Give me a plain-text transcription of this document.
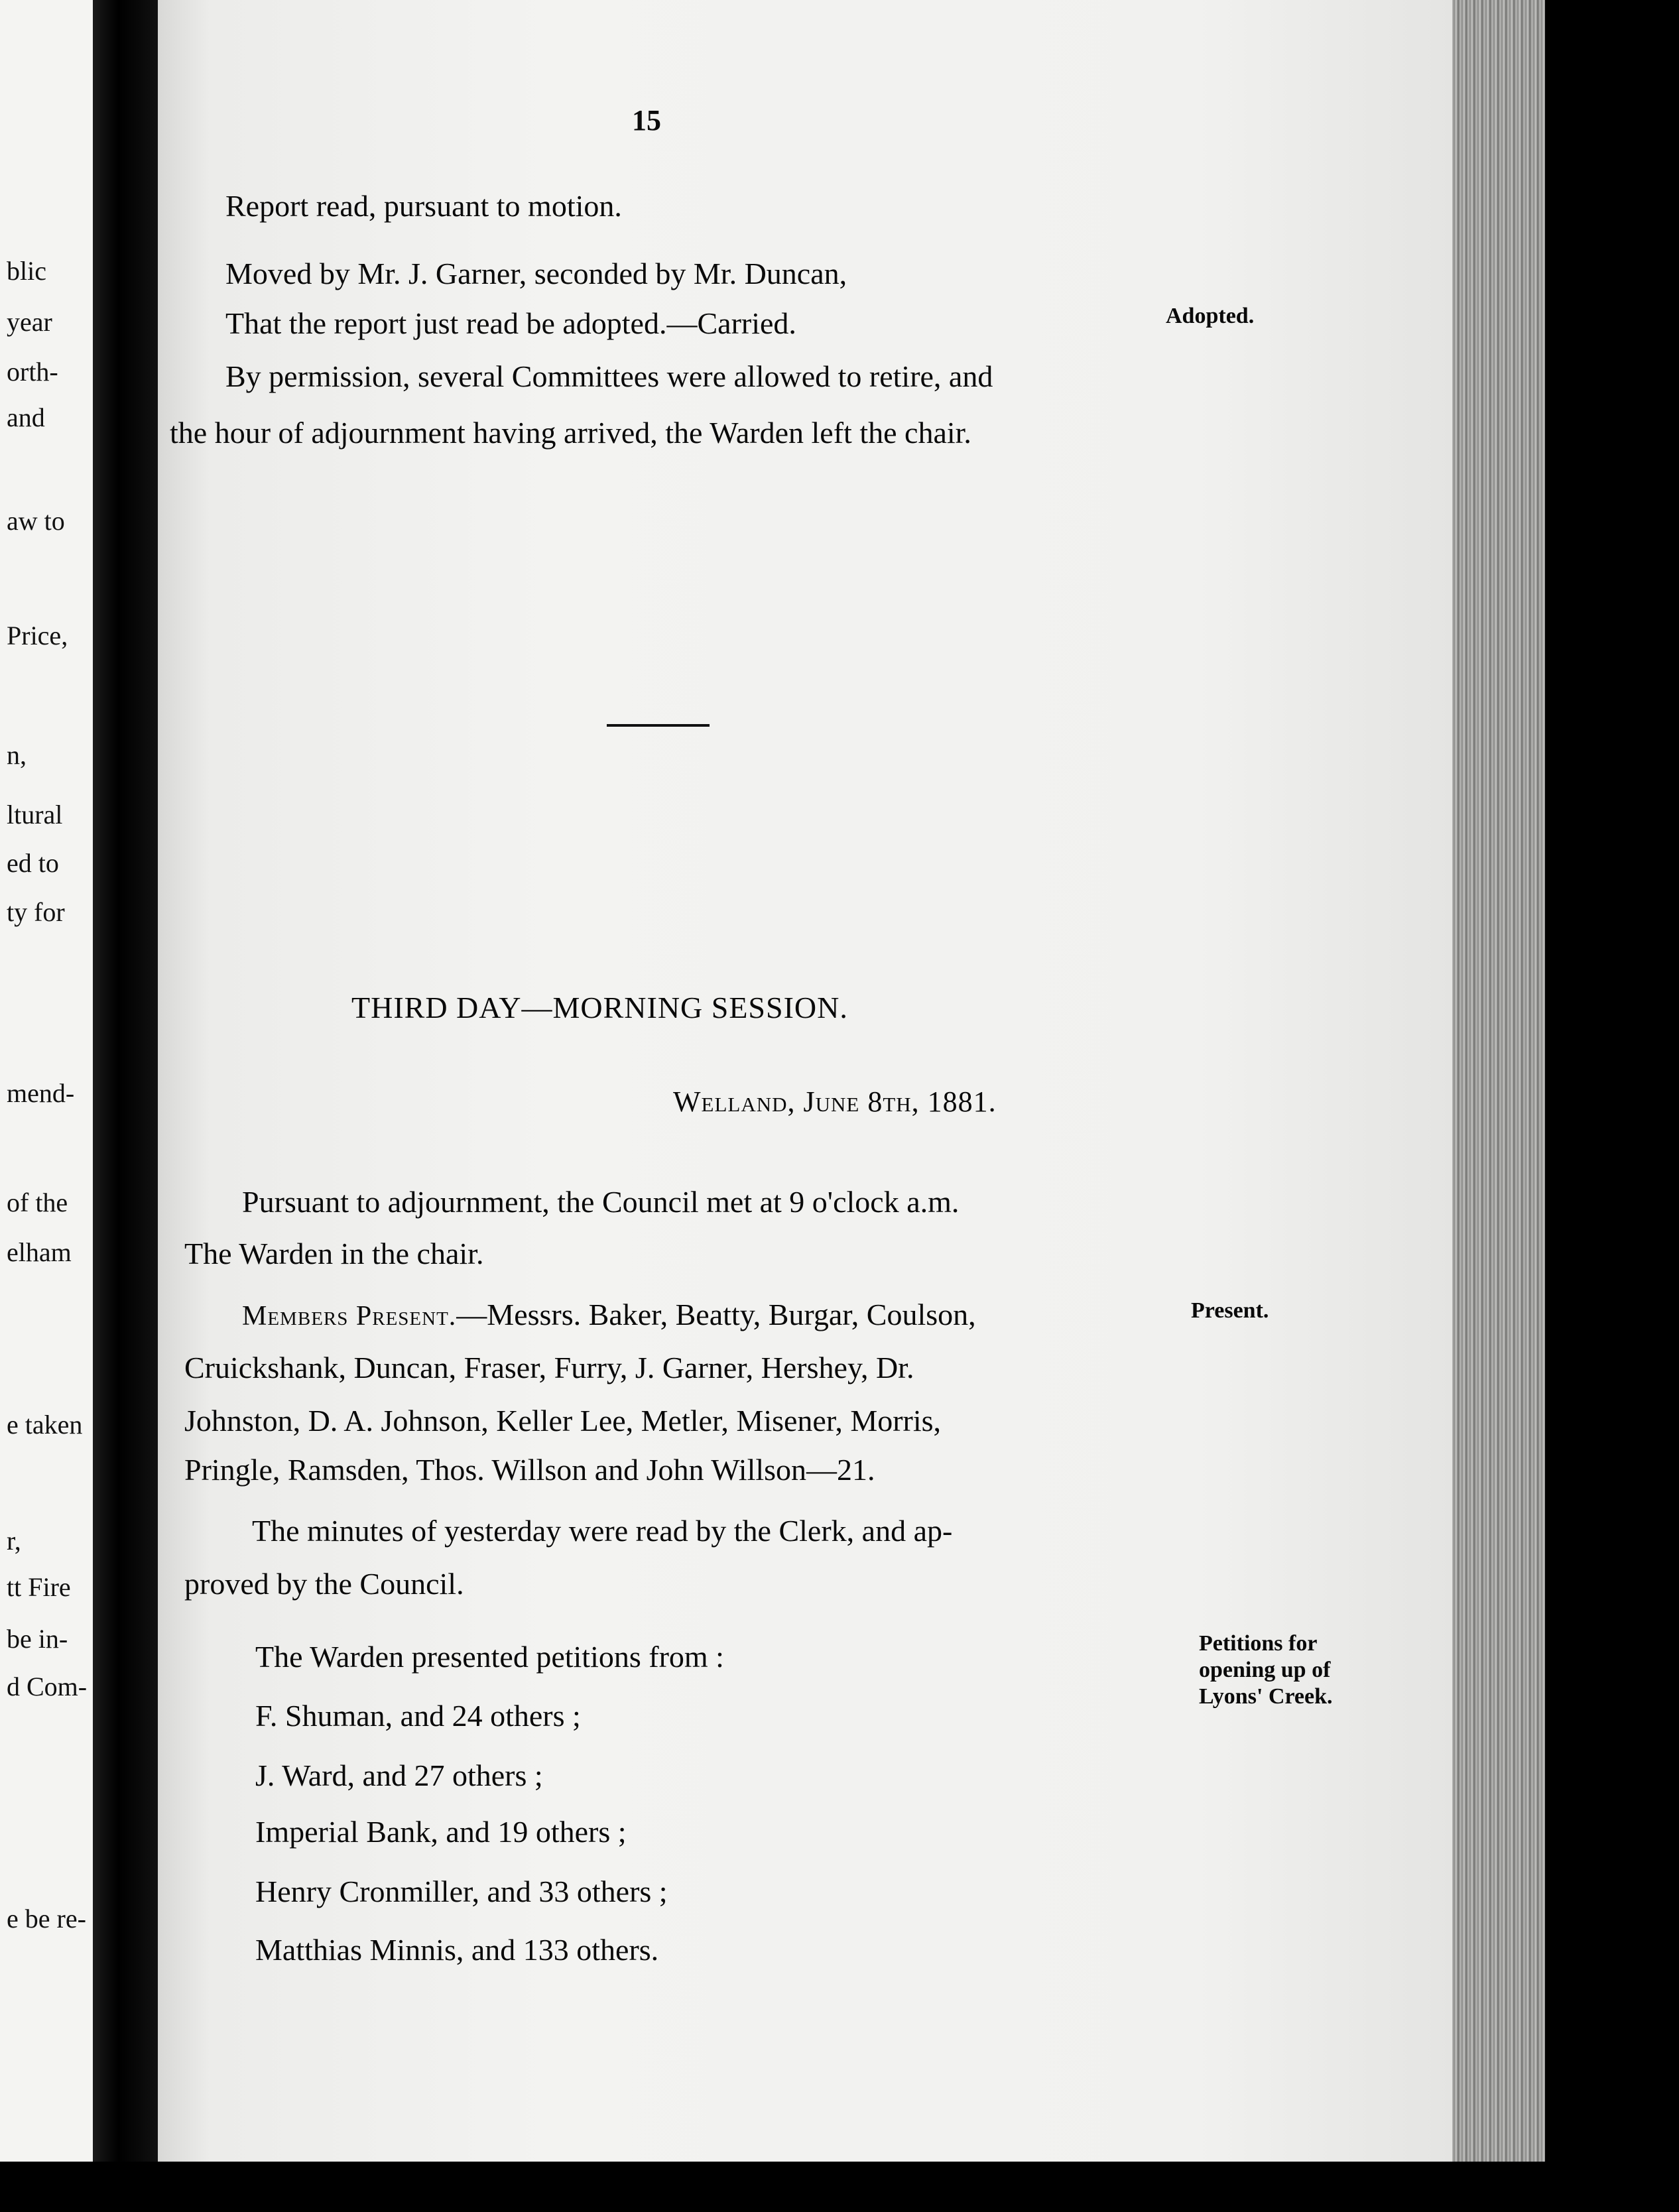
blic
year
orth-
and
aw to
Price,
n,
ltural
ed to
ty for
mend-
of the
elham
e taken
r,
tt Fire
be in-
d Com-
e be re-
15
Report read, pursuant to motion.
Moved by Mr. J. Garner, seconded by Mr. Duncan,
That the report just read be adopted.—Carried.	Adopted.
By permission, several Committees were allowed to retire, and
the hour of adjournment having arrived, the Warden left the chair.
THIRD DAY—MORNING SESSION.
Welland, June 8th, 1881.
Pursuant to adjournment, the Council met at 9 o'clock a.m.
The Warden in the chair.
Members Present.—Messrs. Baker, Beatty, Burgar, Coulson,	Present.
Cruickshank, Duncan, Fraser, Furry, J. Garner, Hershey, Dr.
Johnston, D. A. Johnson, Keller Lee, Metler, Misener, Morris,
Pringle, Ramsden, Thos. Willson and John Willson—21.
The minutes of yesterday were read by the Clerk, and ap-
proved by the Council.
The Warden presented petitions from :	Petitions for
opening up of
Lyons' Creek.
F. Shuman, and 24 others ;
J. Ward, and 27 others ;
Imperial Bank, and 19 others ;
Henry Cronmiller, and 33 others ;
Matthias Minnis, and 133 others.
